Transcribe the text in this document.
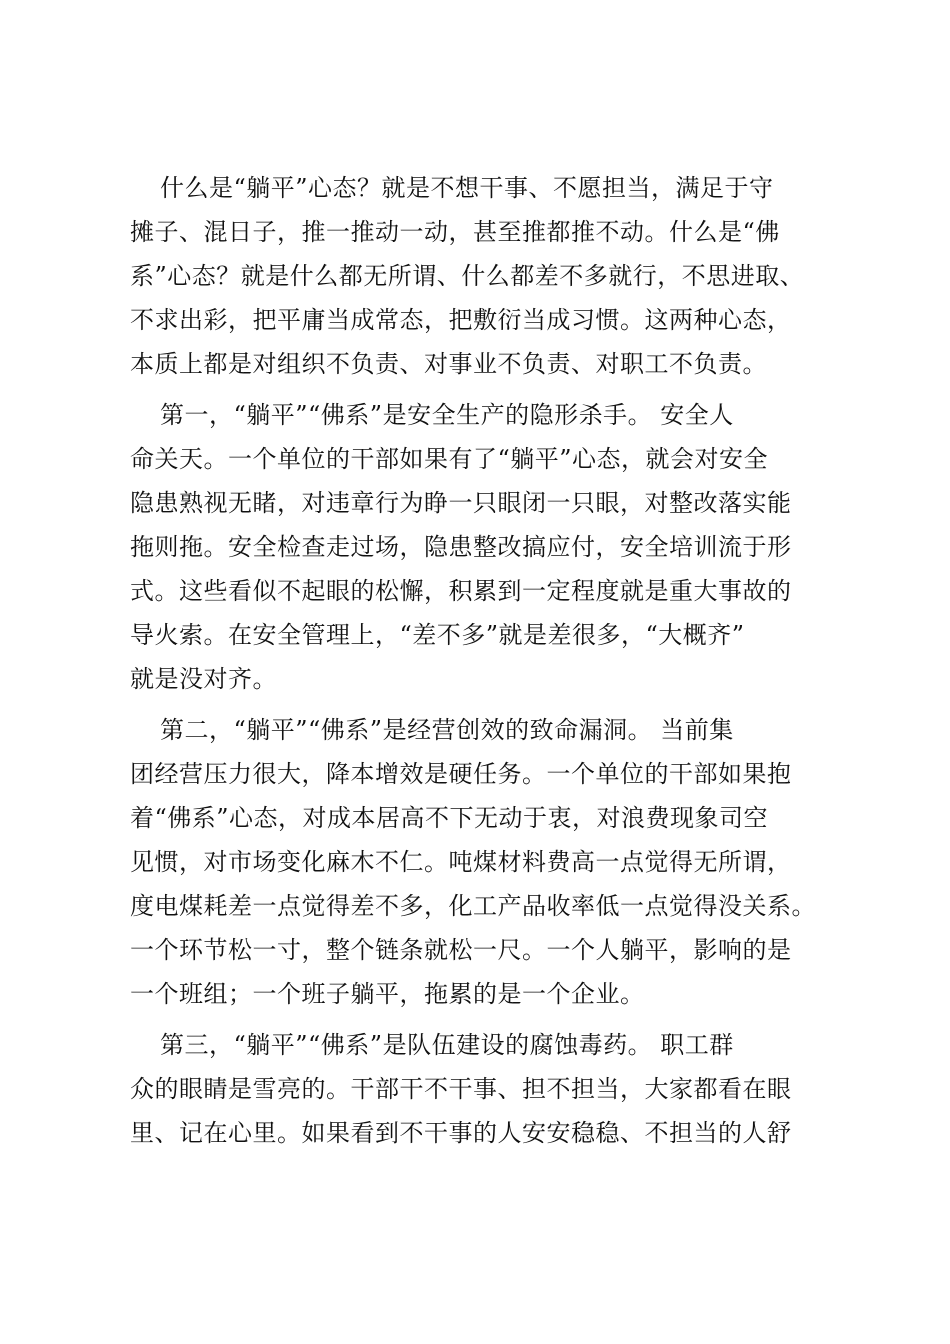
什么是“躺平”心态？就是不想干事、不愿担当，满足于守
摊子、混日子，推一推动一动，甚至推都推不动。什么是“佛
系”心态？就是什么都无所谓、什么都差不多就行，不思进取、
不求出彩，把平庸当成常态，把敷衍当成习惯。这两种心态，
本质上都是对组织不负责、对事业不负责、对职工不负责。
第一，“躺平”“佛系”是安全生产的隐形杀手。 安全人
命关天。一个单位的干部如果有了“躺平”心态，就会对安全
隐患熟视无睹，对违章行为睁一只眼闭一只眼，对整改落实能
拖则拖。安全检查走过场，隐患整改搞应付，安全培训流于形
式。这些看似不起眼的松懈，积累到一定程度就是重大事故的
导火索。在安全管理上，“差不多”就是差很多，“大概齐”
就是没对齐。
第二，“躺平”“佛系”是经营创效的致命漏洞。 当前集
团经营压力很大，降本增效是硬任务。一个单位的干部如果抱
着“佛系”心态，对成本居高不下无动于衷，对浪费现象司空
见惯，对市场变化麻木不仁。吨煤材料费高一点觉得无所谓，
度电煤耗差一点觉得差不多，化工产品收率低一点觉得没关系。
一个环节松一寸，整个链条就松一尺。一个人躺平，影响的是
一个班组；一个班子躺平，拖累的是一个企业。
第三，“躺平”“佛系”是队伍建设的腐蚀毒药。 职工群
众的眼睛是雪亮的。干部干不干事、担不担当，大家都看在眼
里、记在心里。如果看到不干事的人安安稳稳、不担当的人舒
